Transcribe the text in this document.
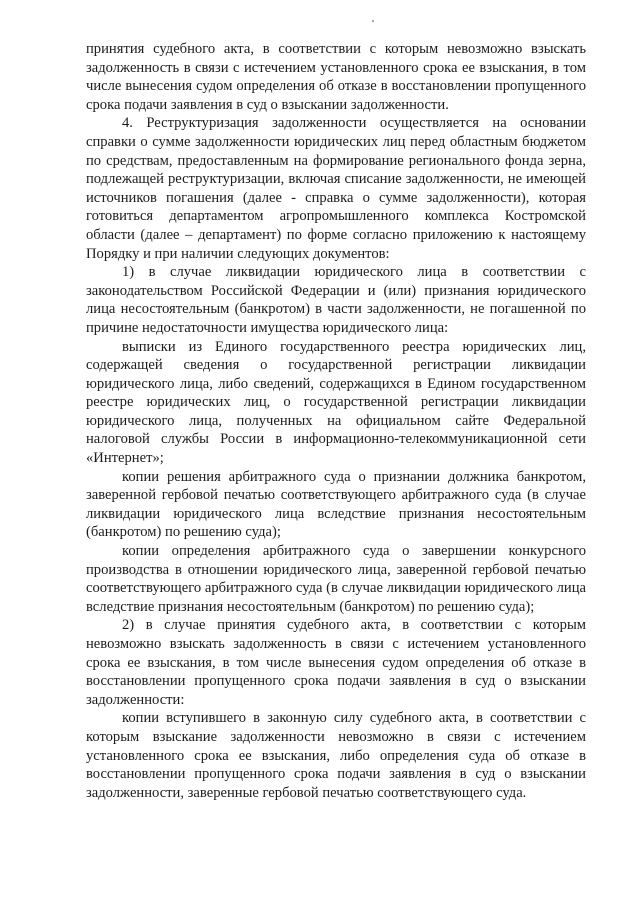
принятия судебного акта, в соответствии с которым невозможно взыскать задолженность в связи с истечением установленного срока ее взыскания, в том числе вынесения судом определения об отказе в восстановлении пропущенного срока подачи заявления в суд о взыскании задолженности.

4. Реструктуризация задолженности осуществляется на основании справки о сумме задолженности юридических лиц перед областным бюджетом по средствам, предоставленным на формирование регионального фонда зерна, подлежащей реструктуризации, включая списание задолженности, не имеющей источников погашения (далее - справка о сумме задолженности), которая готовиться департаментом агропромышленного комплекса Костромской области (далее – департамент) по форме согласно приложению к настоящему Порядку и при наличии следующих документов:

1) в случае ликвидации юридического лица в соответствии с законодательством Российской Федерации и (или) признания юридического лица несостоятельным (банкротом) в части задолженности, не погашенной по причине недостаточности имущества юридического лица:

выписки из Единого государственного реестра юридических лиц, содержащей сведения о государственной регистрации ликвидации юридического лица, либо сведений, содержащихся в Едином государственном реестре юридических лиц, о государственной регистрации ликвидации юридического лица, полученных на официальном сайте Федеральной налоговой службы России в информационно-телекоммуникационной сети «Интернет»;

копии решения арбитражного суда о признании должника банкротом, заверенной гербовой печатью соответствующего арбитражного суда (в случае ликвидации юридического лица вследствие признания несостоятельным (банкротом) по решению суда);

копии определения арбитражного суда о завершении конкурсного производства в отношении юридического лица, заверенной гербовой печатью соответствующего арбитражного суда (в случае ликвидации юридического лица вследствие признания несостоятельным (банкротом) по решению суда);

2) в случае принятия судебного акта, в соответствии с которым невозможно взыскать задолженность в связи с истечением установленного срока ее взыскания, в том числе вынесения судом определения об отказе в восстановлении пропущенного срока подачи заявления в суд о взыскании задолженности:

копии вступившего в законную силу судебного акта, в соответствии с которым взыскание задолженности невозможно в связи с истечением установленного срока ее взыскания, либо определения суда об отказе в восстановлении пропущенного срока подачи заявления в суд о взыскании задолженности, заверенные гербовой печатью соответствующего суда.
